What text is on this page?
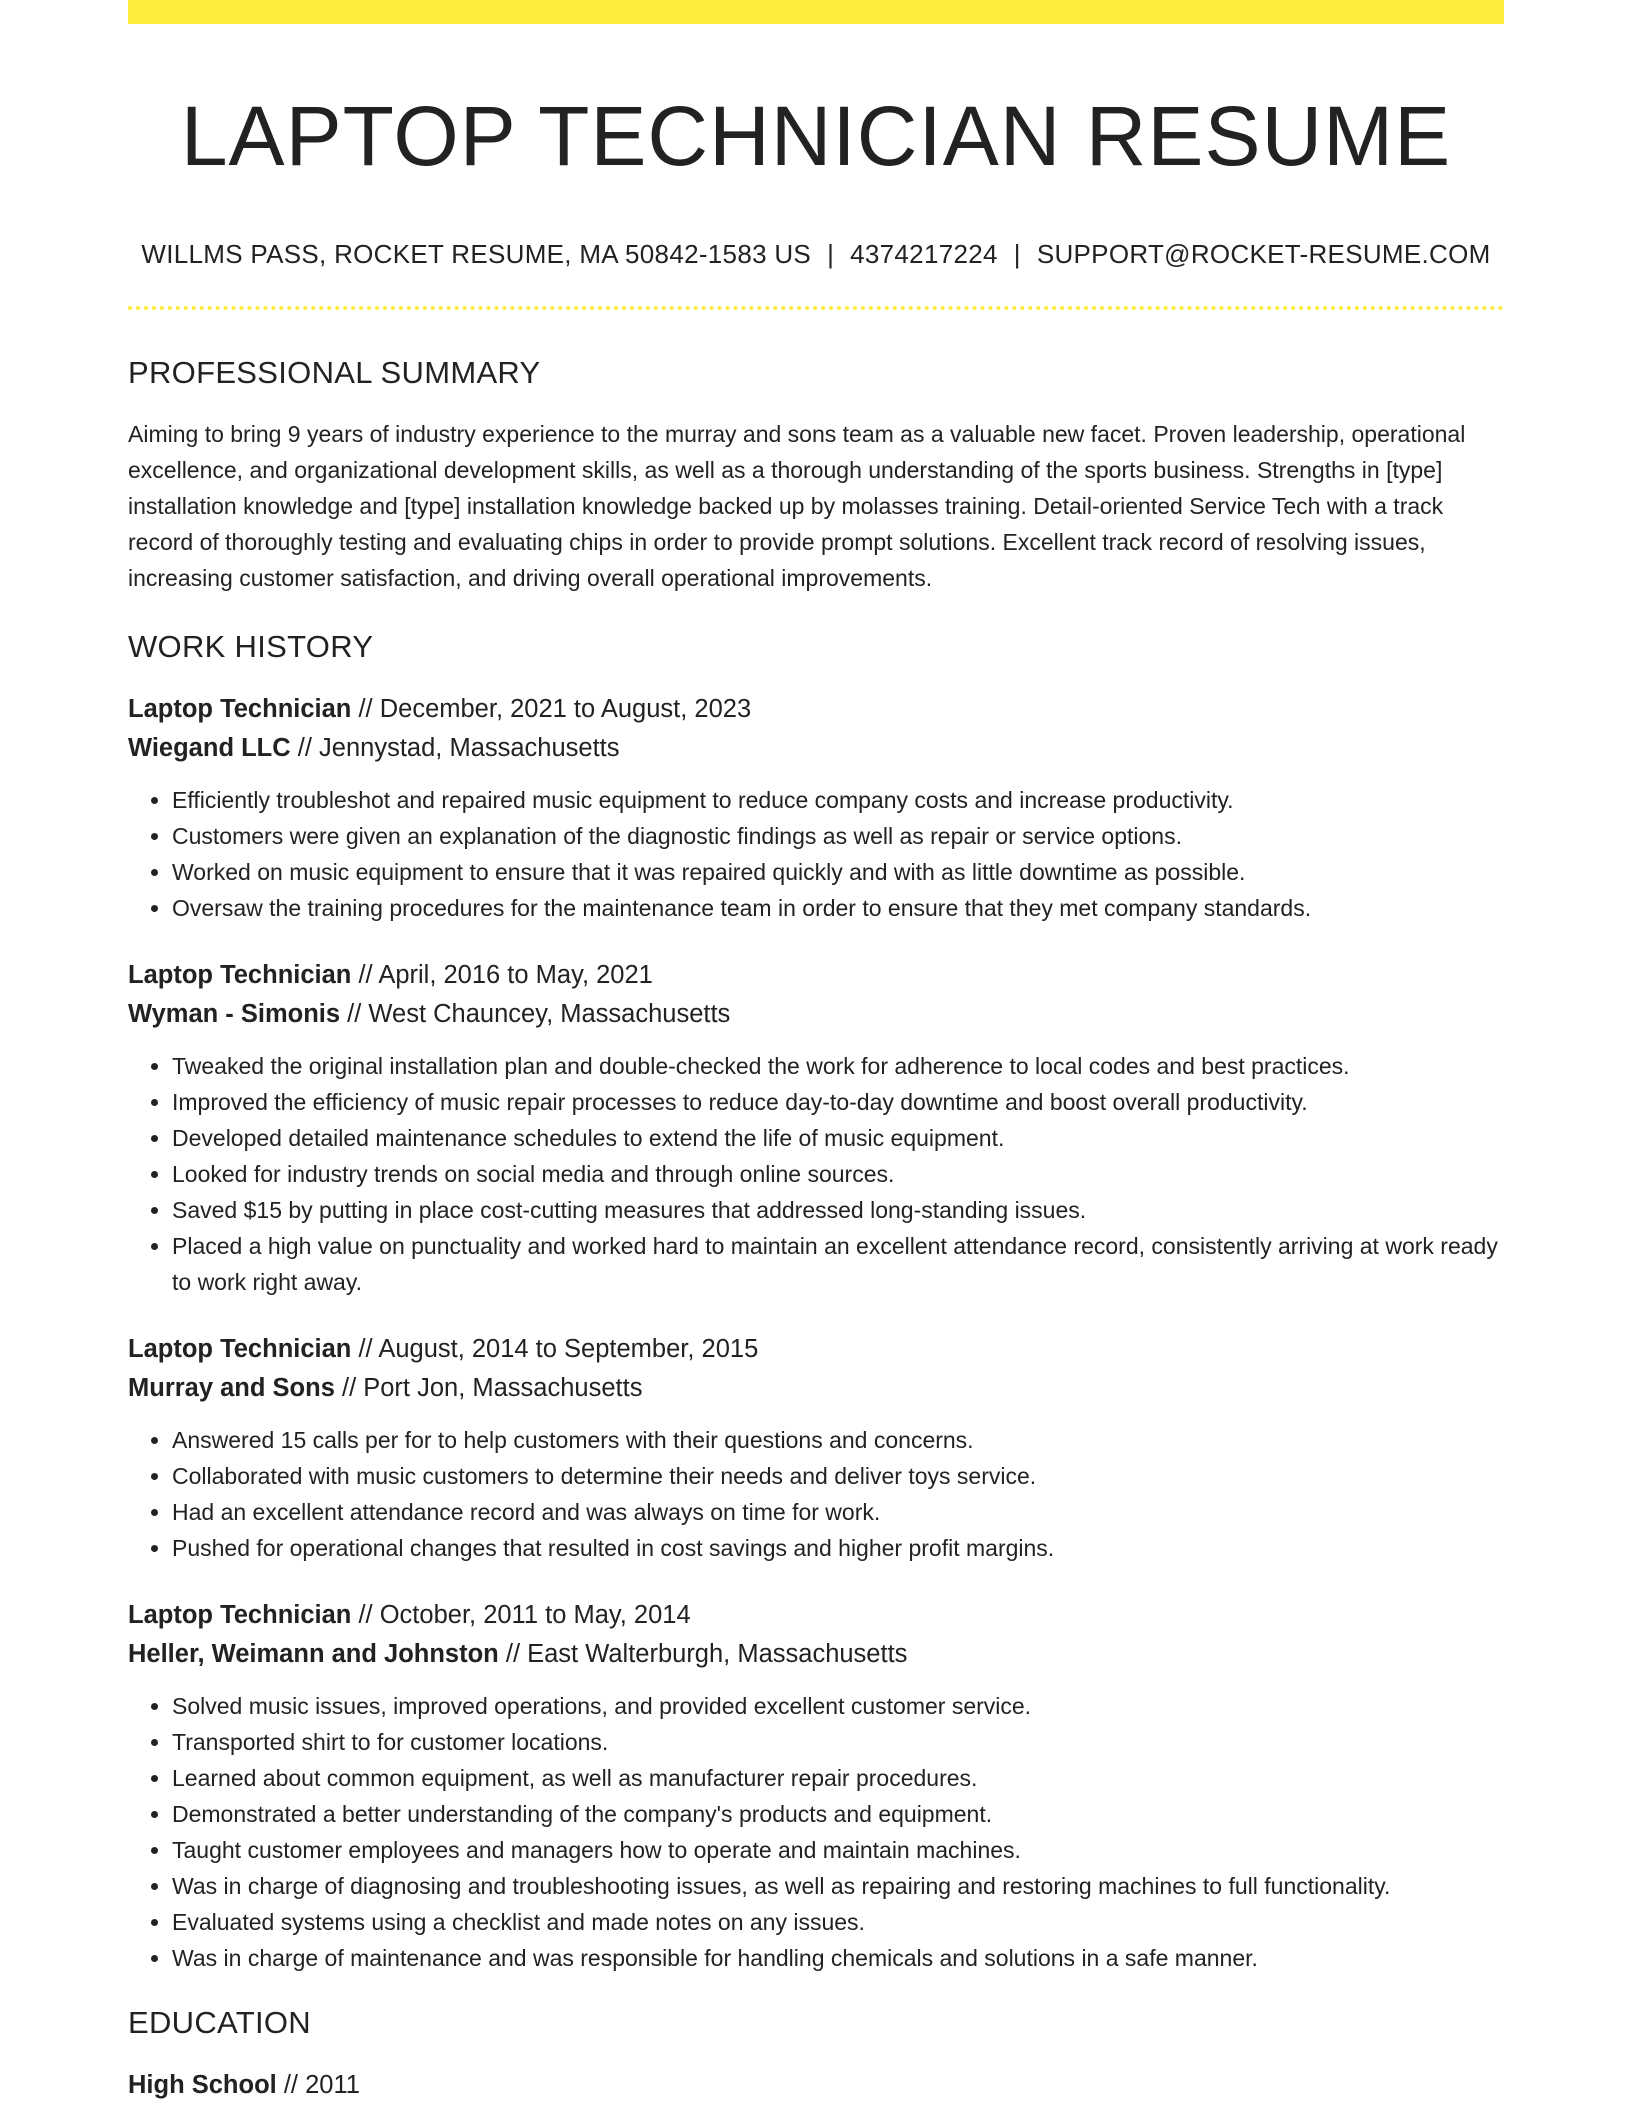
LAPTOP TECHNICIAN RESUME
WILLMS PASS, ROCKET RESUME, MA 50842-1583 US | 4374217224 | SUPPORT@ROCKET-RESUME.COM
PROFESSIONAL SUMMARY

Aiming to bring 9 years of industry experience to the murray and sons team as a valuable new facet. Proven leadership, operational excellence, and organizational development skills, as well as a thorough understanding of the sports business. Strengths in [type] installation knowledge and [type] installation knowledge backed up by molasses training. Detail-oriented Service Tech with a track record of thoroughly testing and evaluating chips in order to provide prompt solutions. Excellent track record of resolving issues, increasing customer satisfaction, and driving overall operational improvements.

WORK HISTORY
Laptop Technician // December, 2021 to August, 2023
Wiegand LLC // Jennystad, Massachusetts
• Efficiently troubleshot and repaired music equipment to reduce company costs and increase productivity.
• Customers were given an explanation of the diagnostic findings as well as repair or service options.
• Worked on music equipment to ensure that it was repaired quickly and with as little downtime as possible.
• Oversaw the training procedures for the maintenance team in order to ensure that they met company standards.
Laptop Technician // April, 2016 to May, 2021
Wyman - Simonis // West Chauncey, Massachusetts
• Tweaked the original installation plan and double-checked the work for adherence to local codes and best practices.
• Improved the efficiency of music repair processes to reduce day-to-day downtime and boost overall productivity.
• Developed detailed maintenance schedules to extend the life of music equipment.
• Looked for industry trends on social media and through online sources.
• Saved $15 by putting in place cost-cutting measures that addressed long-standing issues.
• Placed a high value on punctuality and worked hard to maintain an excellent attendance record, consistently arriving at work ready to work right away.
Laptop Technician // August, 2014 to September, 2015
Murray and Sons // Port Jon, Massachusetts
• Answered 15 calls per for to help customers with their questions and concerns.
• Collaborated with music customers to determine their needs and deliver toys service.
• Had an excellent attendance record and was always on time for work.
• Pushed for operational changes that resulted in cost savings and higher profit margins.
Laptop Technician // October, 2011 to May, 2014
Heller, Weimann and Johnston // East Walterburgh, Massachusetts
• Solved music issues, improved operations, and provided excellent customer service.
• Transported shirt to for customer locations.
• Learned about common equipment, as well as manufacturer repair procedures.
• Demonstrated a better understanding of the company's products and equipment.
• Taught customer employees and managers how to operate and maintain machines.
• Was in charge of diagnosing and troubleshooting issues, as well as repairing and restoring machines to full functionality.
• Evaluated systems using a checklist and made notes on any issues.
• Was in charge of maintenance and was responsible for handling chemicals and solutions in a safe manner.
EDUCATION
High School // 2011
